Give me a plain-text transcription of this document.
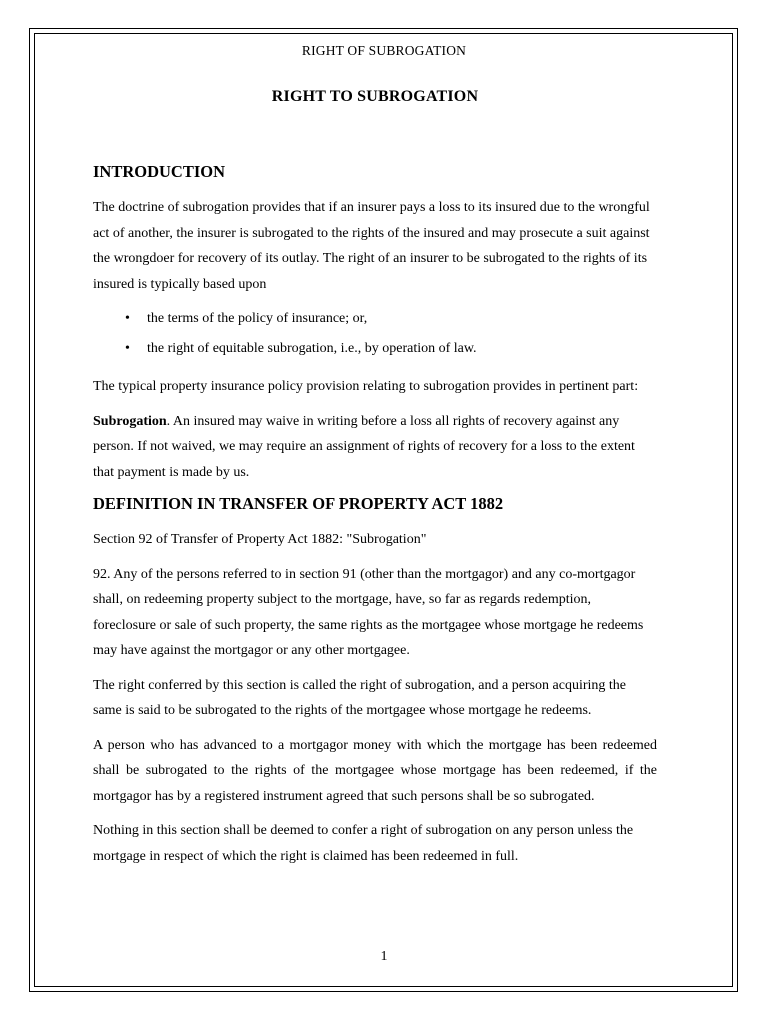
RIGHT OF SUBROGATION
RIGHT TO SUBROGATION
INTRODUCTION

The doctrine of subrogation provides that if an insurer pays a loss to its insured due to the wrongful act of another, the insurer is subrogated to the rights of the insured and may prosecute a suit against the wrongdoer for recovery of its outlay. The right of an insurer to be subrogated to the rights of its insured is typically based upon

• the terms of the policy of insurance; or,
• the right of equitable subrogation, i.e., by operation of law.

The typical property insurance policy provision relating to subrogation provides in pertinent part:

Subrogation. An insured may waive in writing before a loss all rights of recovery against any person. If not waived, we may require an assignment of rights of recovery for a loss to the extent that payment is made by us.

DEFINITION IN TRANSFER OF PROPERTY ACT 1882

Section 92 of Transfer of Property Act 1882: "Subrogation"

92. Any of the persons referred to in section 91 (other than the mortgagor) and any co-mortgagor shall, on redeeming property subject to the mortgage, have, so far as regards redemption, foreclosure or sale of such property, the same rights as the mortgagee whose mortgage he redeems may have against the mortgagor or any other mortgagee.

The right conferred by this section is called the right of subrogation, and a person acquiring the same is said to be subrogated to the rights of the mortgagee whose mortgage he redeems.

A person who has advanced to a mortgagor money with which the mortgage has been redeemed shall be subrogated to the rights of the mortgagee whose mortgage has been redeemed, if the mortgagor has by a registered instrument agreed that such persons shall be so subrogated.

Nothing in this section shall be deemed to confer a right of subrogation on any person unless the mortgage in respect of which the right is claimed has been redeemed in full.

1
